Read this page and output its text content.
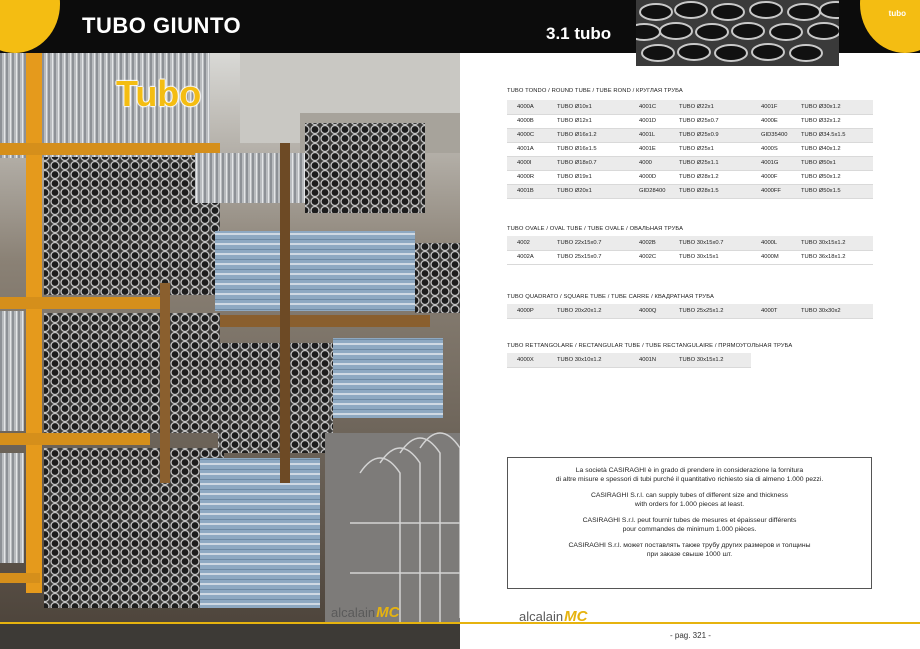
TUBO GIUNTO	3.1 tubo
tubo
Tubo
alcalainMC
TUBO TONDO / ROUND TUBE / TUBE ROND / КРУГЛАЯ ТРУБА
4000A	TUBO Ø10x1	4001C	TUBO Ø22x1	4001F	TUBO Ø30x1.2
4000B	TUBO Ø12x1	4001D	TUBO Ø25x0.7	4000E	TUBO Ø32x1.2
4000C	TUBO Ø16x1.2	4001L	TUBO Ø25x0.9	GID35400	TUBO Ø34.5x1.5
4001A	TUBO Ø16x1.5	4001E	TUBO Ø25x1	4000S	TUBO Ø40x1.2
4000I	TUBO Ø18x0.7	4000	TUBO Ø25x1.1	4001G	TUBO Ø50x1
4000R	TUBO Ø19x1	4000D	TUBO Ø28x1.2	4000F	TUBO Ø50x1.2
4001B	TUBO Ø20x1	GID28400	TUBO Ø28x1.5	4000FF	TUBO Ø50x1.5
TUBO OVALE / OVAL TUBE / TUBE OVALE / ОВАЛЬНАЯ ТРУБА
4002	TUBO 22x15x0.7	4002B	TUBO 30x15x0.7	4000L	TUBO 30x15x1.2
4002A	TUBO 25x15x0.7	4002C	TUBO 30x15x1	4000M	TUBO 36x18x1.2
TUBO QUADRATO / SQUARE TUBE / TUBE CARRE / КВАДРАТНАЯ ТРУБА
4000P	TUBO 20x20x1.2	4000Q	TUBO 25x25x1.2	4000T	TUBO 30x30x2
TUBO RETTANGOLARE / RECTANGULAR TUBE / TUBE RECTANGULAIRE / ПРЯМОУГОЛЬНАЯ ТРУБА
4000X	TUBO 30x10x1.2	4001N	TUBO 30x15x1.2

La società CASIRAGHI è in grado di prendere in considerazione la fornitura
di altre misure e spessori di tubi purché il quantitativo richiesto sia di almeno 1.000 pezzi.

CASIRAGHI S.r.l. can supply tubes of different size and thickness
with orders for 1.000 pieces at least.

CASIRAGHI S.r.l. peut fournir tubes de mesures et épaisseur différents
pour commandes de minimum 1.000 pièces.

CASIRAGHI S.r.l. может поставлять также трубу других размеров и толщины
при заказе свыше 1000 шт.

alcalainMC
- pag. 321 -
